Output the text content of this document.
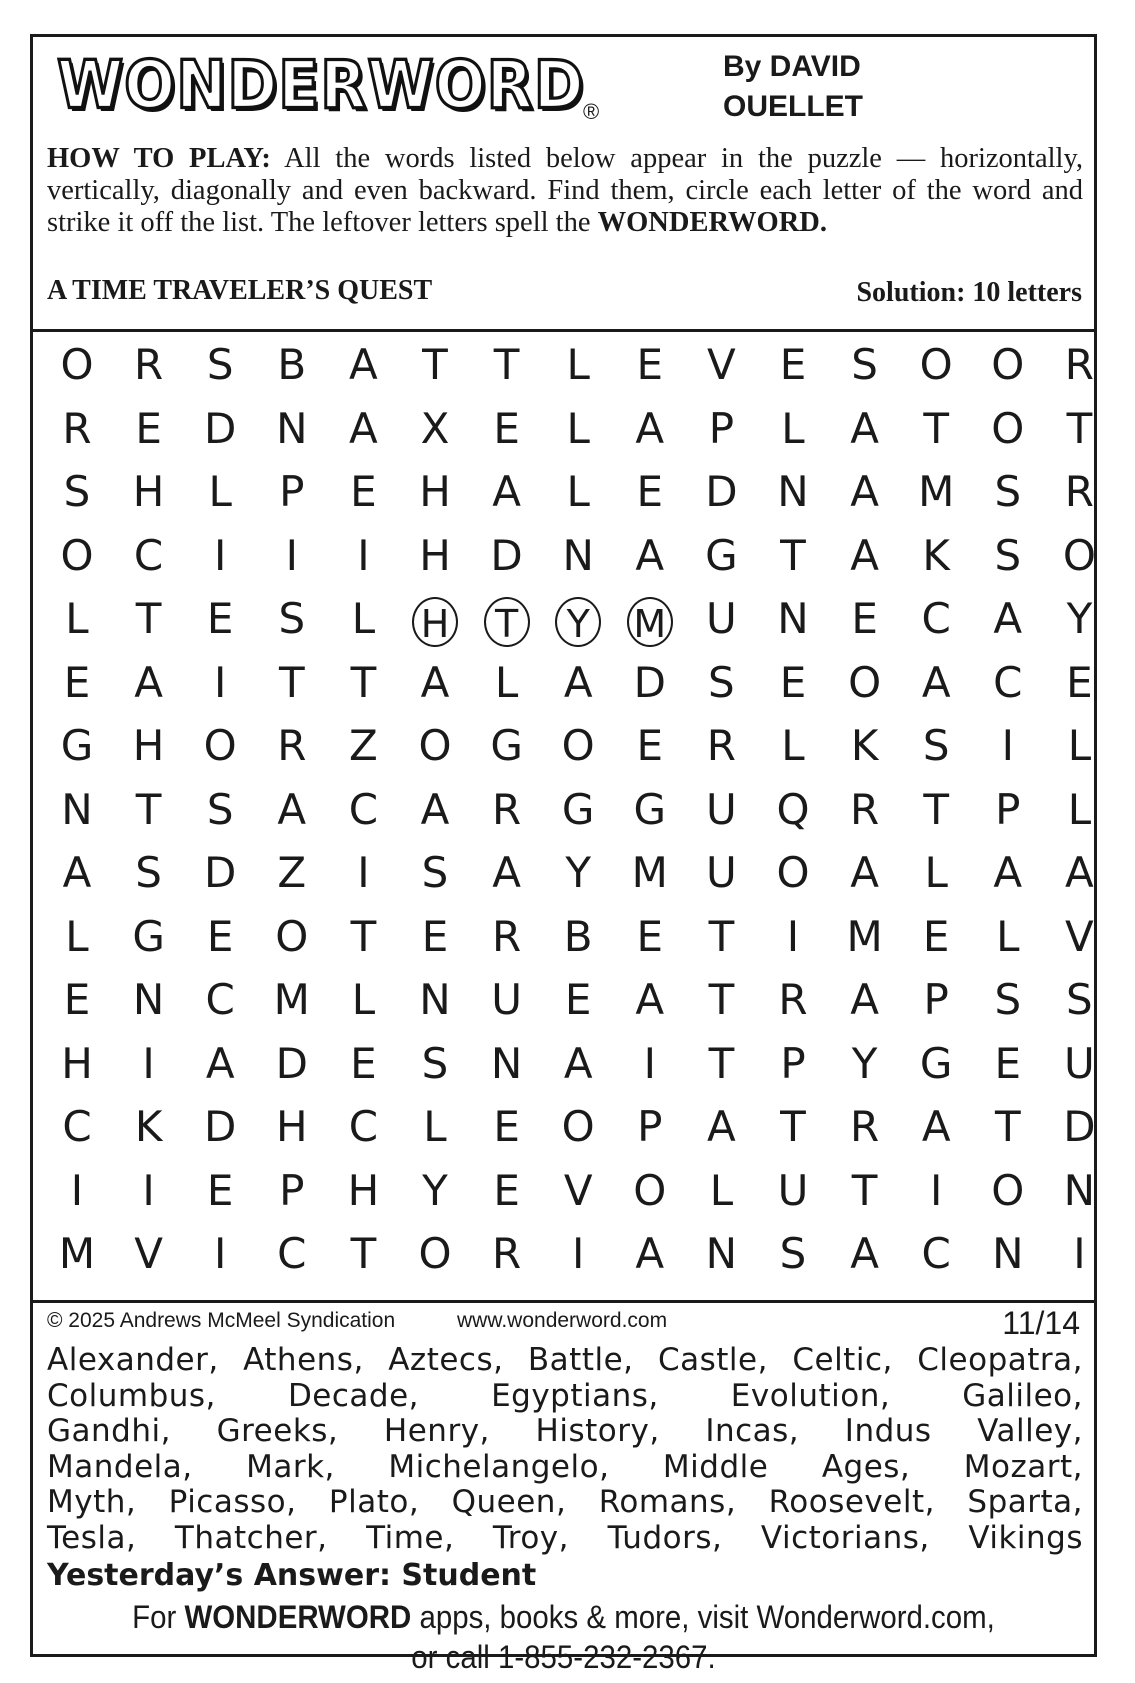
WONDERWORD
®
By DAVID
OUELLET
HOW TO PLAY: All the words listed below appear in the puzzle — horizontally, vertically, diagonally and even backward. Find them, circle each letter of the word and strike it off the list. The leftover letters spell the WONDERWORD.
A TIME TRAVELER’S QUEST	Solution: 10 letters
O R	S	B	A	T	T	L	E	V	E	S O O R
R	E	D N A	X	E	L	A	P	L	A	T	O	T
S	H	L	P	E	H A	L	E	D N A M S	R
O C	I	I	I	H D N A G	T	A	K	S O
L	T	E	S	L	H	T	Y	M U N	E	C	A	Y
E	A	I	T	T	A	L	A D	S	E O A	C	E
G H O R	Z O G O E	R	L	K	S	I	L
N	T	S	A	C	A	R G G U Q R	T	P	L
A	S	D Z	I	S	A	Y M U O A	L	A	A
L	G	E O	T	E	R	B	E	T	I	M E	L	V
E	N C M L	N U	E	A	T	R	A	P	S	S
H	I	A D	E	S	N A	I	T	P	Y	G	E	U
C	K D H C	L	E O	P	A	T	R	A	T	D
I	I	E	P	H	Y	E	V O	L	U	T	I	O N
M V	I	C	T	O R	I	A N	S	A	C N	I
© 2025 Andrews McMeel Syndication	www.wonderword.com	11/14
Alexander, Athens, Aztecs, Battle, Castle, Celtic, Cleopatra,
Columbus, Decade, Egyptians, Evolution, Galileo,
Gandhi, Greeks, Henry, History, Incas, Indus Valley,
Mandela, Mark, Michelangelo, Middle Ages, Mozart,
Myth, Picasso, Plato, Queen, Romans, Roosevelt, Sparta,
Tesla, Thatcher, Time, Troy, Tudors, Victorians, Vikings
Yesterday’s Answer: Student
For WONDERWORD apps, books & more, visit Wonderword.com,
or call 1-855-232-2367.
